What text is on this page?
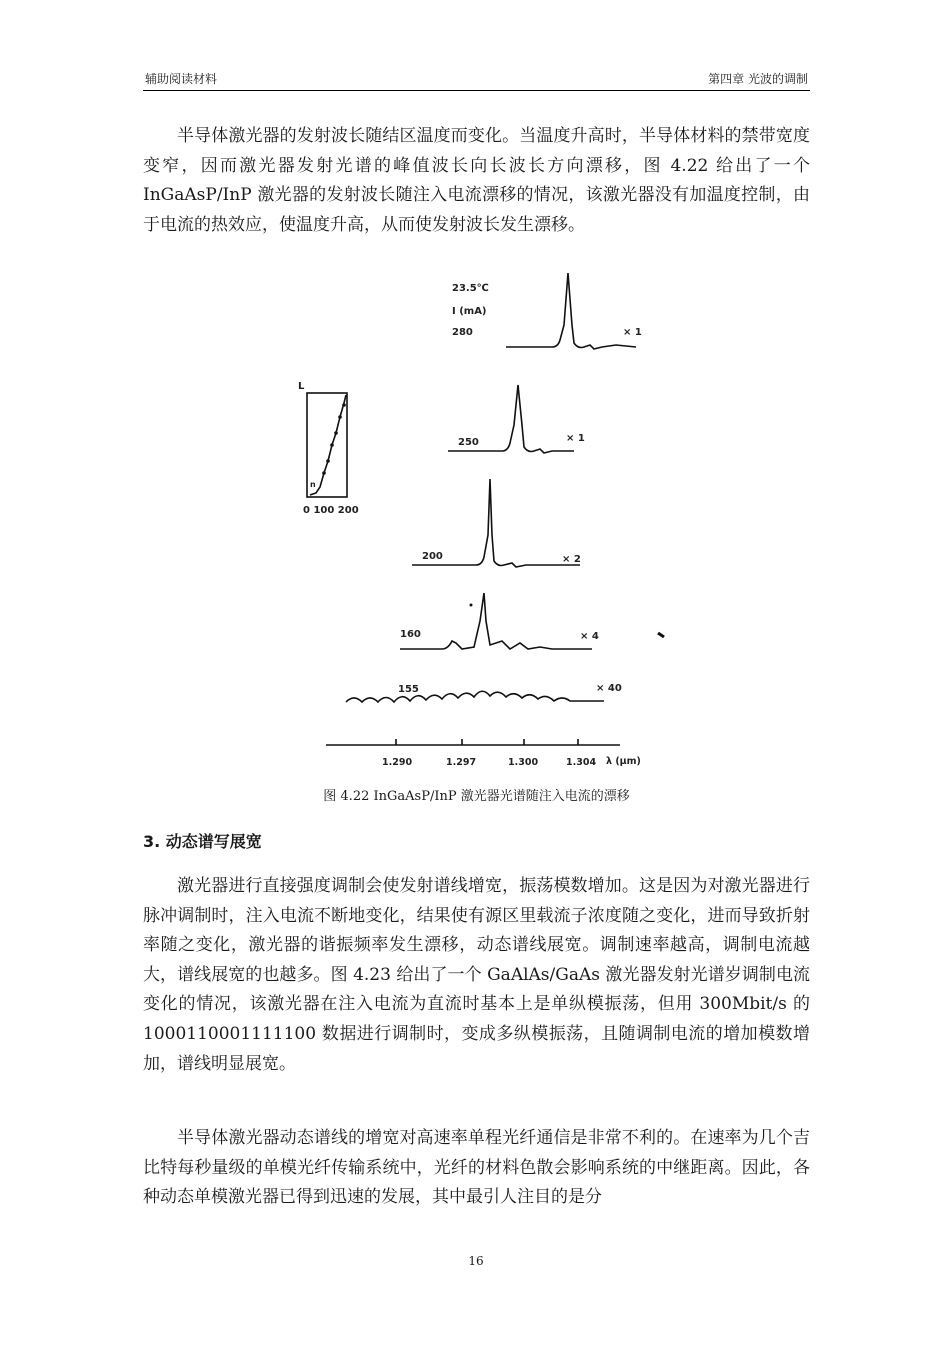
辅助阅读材料	第四章 光波的调制

半导体激光器的发射波长随结区温度而变化。当温度升高时，半导体材料的禁带宽度变窄，因而激光器发射光谱的峰值波长向长波长方向漂移，图 4.22 给出了一个 InGaAsP/InP 激光器的发射波长随注入电流漂移的情况，该激光器没有加温度控制，由于电流的热效应，使温度升高，从而使发射波长发生漂移。

23.5℃
I (mA)
280	× 1
L
n
0 100 200
250	× 1
200	× 2
160	× 4
155	× 40
1.290	1.297	1.300	1.304 λ (μm)
图 4.22 InGaAsP/InP 激光器光谱随注入电流的漂移
3. 动态谱写展宽

激光器进行直接强度调制会使发射谱线增宽，振荡模数增加。这是因为对激光器进行脉冲调制时，注入电流不断地变化，结果使有源区里载流子浓度随之变化，进而导致折射率随之变化，激光器的谐振频率发生漂移，动态谱线展宽。调制速率越高，调制电流越大，谱线展宽的也越多。图 4.23 给出了一个 GaAlAs/GaAs 激光器发射光谱岁调制电流变化的情况，该激光器在注入电流为直流时基本上是单纵模振荡，但用 300Mbit/s 的 1000110001111100 数据进行调制时，变成多纵模振荡，且随调制电流的增加模数增加，谱线明显展宽。

半导体激光器动态谱线的增宽对高速率单程光纤通信是非常不利的。在速率为几个吉比特每秒量级的单模光纤传输系统中，光纤的材料色散会影响系统的中继距离。因此，各种动态单模激光器已得到迅速的发展，其中最引人注目的是分

16
